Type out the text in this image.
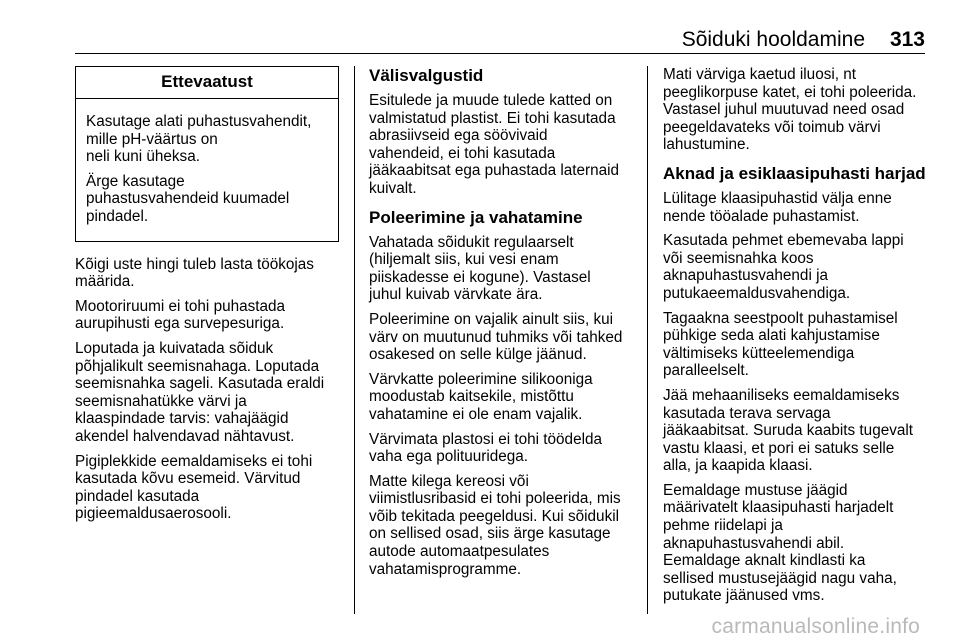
Sõiduki hooldamine 313
Ettevaatust

Kasutage alati puhastusvahendit,
mille pH-väärtus on
neli kuni üheksa.

Ärge kasutage
puhastusvahendeid kuumadel
pindadel.

Kõigi uste hingi tuleb lasta töökojas
määrida.

Mootoriruumi ei tohi puhastada
aurupihusti ega survepesuriga.

Loputada ja kuivatada sõiduk
põhjalikult seemisnahaga. Loputada
seemisnahka sageli. Kasutada eraldi
seemisnahatükke värvi ja
klaaspindade tarvis: vahajäägid
akendel halvendavad nähtavust.

Pigiplekkide eemaldamiseks ei tohi
kasutada kõvu esemeid. Värvitud
pindadel kasutada
pigieemaldusaerosooli.

Välisvalgustid

Esitulede ja muude tulede katted on
valmistatud plastist. Ei tohi kasutada
abrasiivseid ega söövivaid
vahendeid, ei tohi kasutada
jääkaabitsat ega puhastada laternaid
kuivalt.

Poleerimine ja vahatamine

Vahatada sõidukit regulaarselt
(hiljemalt siis, kui vesi enam
piiskadesse ei kogune). Vastasel
juhul kuivab värvkate ära.

Poleerimine on vajalik ainult siis, kui
värv on muutunud tuhmiks või tahked
osakesed on selle külge jäänud.

Värvkatte poleerimine silikooniga
moodustab kaitsekile, mistõttu
vahatamine ei ole enam vajalik.

Värvimata plastosi ei tohi töödelda
vaha ega polituuridega.

Matte kilega kereosi või
viimistlusribasid ei tohi poleerida, mis
võib tekitada peegeldusi. Kui sõidukil
on sellised osad, siis ärge kasutage
autode automaatpesulates
vahatamisprogramme.

Mati värviga kaetud iluosi, nt
peeglikorpuse katet, ei tohi poleerida.
Vastasel juhul muutuvad need osad
peegeldavateks või toimub värvi
lahustumine.

Aknad ja esiklaasipuhasti harjad

Lülitage klaasipuhastid välja enne
nende tööalade puhastamist.

Kasutada pehmet ebemevaba lappi
või seemisnahka koos
aknapuhastusvahendi ja
putukaeemaldusvahendiga.

Tagaakna seestpoolt puhastamisel
pühkige seda alati kahjustamise
vältimiseks kütteelemendiga
paralleelselt.

Jää mehaaniliseks eemaldamiseks
kasutada terava servaga
jääkaabitsat. Suruda kaabits tugevalt
vastu klaasi, et pori ei satuks selle
alla, ja kaapida klaasi.

Eemaldage mustuse jäägid
määrivatelt klaasipuhasti harjadelt
pehme riidelapi ja
aknapuhastusvahendi abil.
Eemaldage aknalt kindlasti ka
sellised mustusejäägid nagu vaha,
putukate jäänused vms.

carmanualsonline.info
